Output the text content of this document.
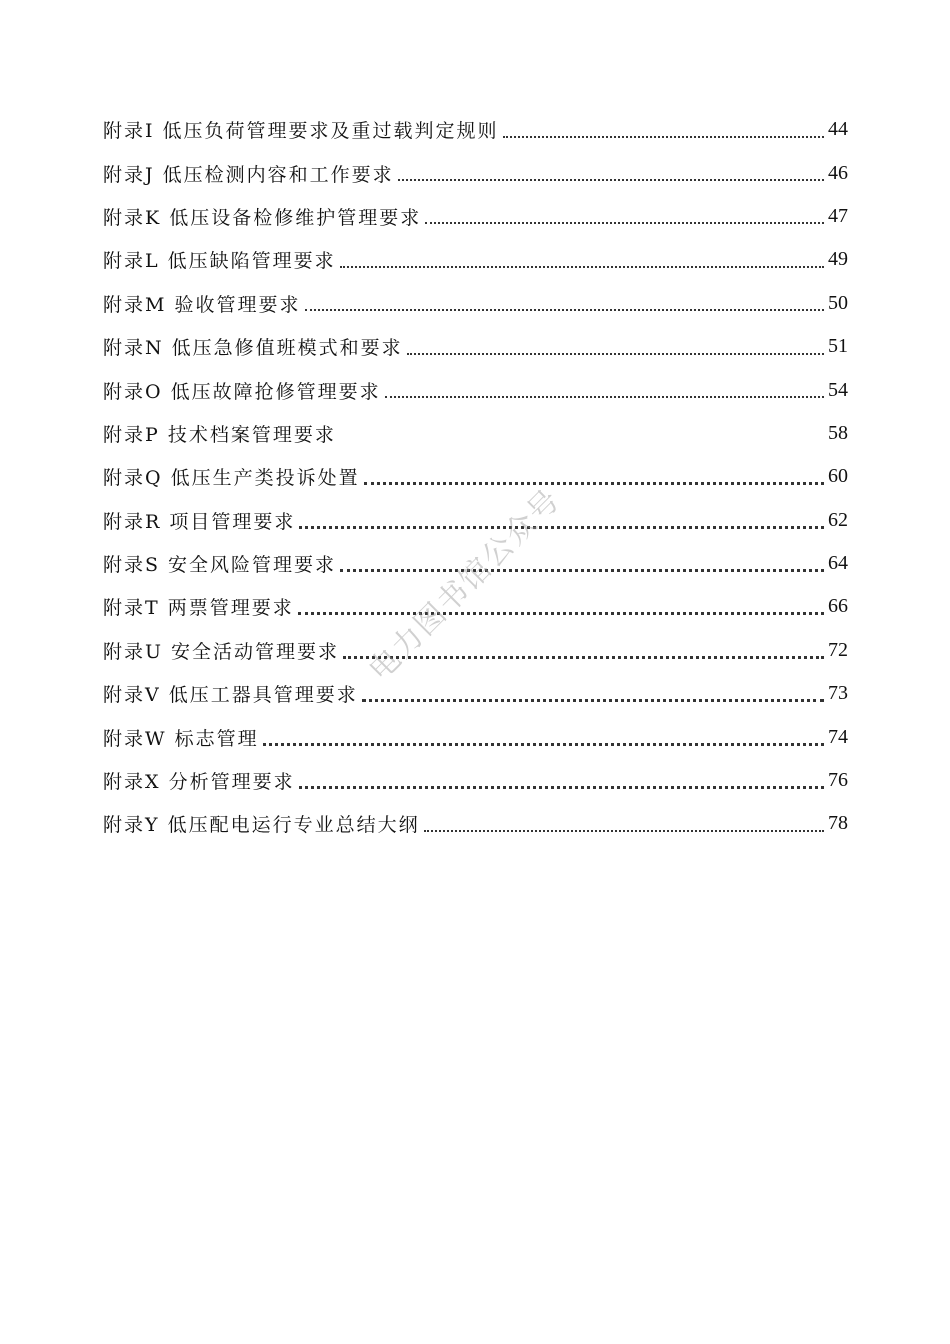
附录I 低压负荷管理要求及重过载判定规则	44
附录J 低压检测内容和工作要求	46
附录K 低压设备检修维护管理要求	47
附录L 低压缺陷管理要求	49
附录M 验收管理要求	50
附录N 低压急修值班模式和要求	51
附录O 低压故障抢修管理要求	54
附录P 技术档案管理要求	58
附录Q 低压生产类投诉处置	60
附录R 项目管理要求	62
附录S 安全风险管理要求	64
附录T 两票管理要求	66
附录U 安全活动管理要求	72
附录V 低压工器具管理要求	73
附录W 标志管理	74
附录X 分析管理要求	76
附录Y 低压配电运行专业总结大纲	78
电力图书馆公众号
